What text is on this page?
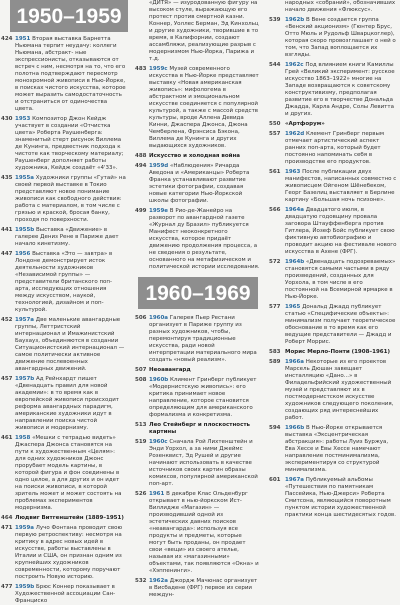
1950–1959
424 1951 Вторая выставка Барнетта Ньюмана терпит неудачу: коллеги Ньюмана, абстракт- ные экспрессионисты, отказываются от встреч с ним, несмотря на то, что его полотна подтверждают пересмотр монохромной живописи в Нью-Йорке, в поисках чистого искусства, которое может выразить самодостаточность и отстраниться от одиночества цвета.
430 1953 Композитор Джон Кейдж участвует в создании «Отчистка цвета» Роберта Раушенберга: знаменитый стерт рисунок Виллема де Кунинга, предвестник подхода к чистоте как творческому материалу; Раушенберг дополняет работы художника, Кейдж создаёт «4'33».
435 1955a Художники группы «Гутай» на своей первой выставке в Токио представляют новое понимание живописи как свободного действия: работа с материалом, в том числе с грязью и краской, бросая банку, проходя по поверхности.
441 1955b Выставка «Движение» в галерее Дениз Рене в Париже дает начало кинетизму.
447 1956 Выставка «Это — завтра» в Лондоне демонстрирует исток деятельности художников «Независимой группы» — представители британского поп-арта, исследующих отношения между искусством, наукой, технологией, дизайном и поп-культурой.
452 1957a Две маленькие авангардные группы, Леттристский интернационал и Имажинистский Баухауз, объединяются в создании Ситуационистский интернационал — самое политически активное движение послевоенных авангардных движений.
457 1957b Ад Рейнхардт пишет «Двенадцать правил для новой академии»: в то время как в европейской живописи происходит реформа авангардных парадигм, американские художники идут в направлении поиска чистой живописи и модернизму.
461 1958 «Мешки с тетрадью видеть» Джаспера Джонса становятся на пути к художественным «Целям»: для одних художников Джонс прорубает модель картины, в которой фигура и фон соединены в одно целое, а для других и он идет на поиски живописи, в которой зритель может и может состоять на проблемах экспериментов модернизма.
464 Людвиг Витгенштейн (1889–1951)
471 1959a Лучо Фонтана проводит свою первую ретроспективу: несмотря на критику в адрес новых идей в искусстве, работы выставлены в Италии и США, он признан одним из крупнейших художников современности, которому поручают построить Новую историю.
477 1959b Брюс Коннер показывает в Художественной ассоциации Сан-Франциско
«ДИТЯ» — изуродованную фигуру на высоком стуле, выражающую его протест против смертной казни. Коннер, Уоллес Берман, Эд Кинхольц и другие художники, творившие в то время, в Калифорнии, создают ассамбляжи, реализующие разрыв с модернизмом Нью-Йорка, Парижа и т.д.
483 1959c Музей современного искусства в Нью-Йорке представляет выставку «Новая американская живопись»: мифологема в абстрактном и эмоциональном искусстве соединяется с популярной культурой, а также с массой средств культуры, вроде Аллена Девида Кинни, Джаспера Джонса, Джона Чемберлена, Фрэнсиса Бэкона, Виллема де Кунинга и других выдающихся художников.
488 Искусство и холодная война
494 1959d «Наблюдения» Ричарда Аведона и «Американцы» Роберта Франка устанавливают развитие эстетики фотографии, создавая новые категории Нью-Йоркской школы фотографии.
499 1959e В Рио-де-Жанейро на разворот по авангардной газете «Журнал ду Бразил» публикуется Манифест неоконкретного искусства, которое придаёт движению продолжения процесса, а не сведения о результате, основанного на метафизическом и политической истории исследования.
1960–1969
506 1960a Галерея Пьер Рестани организует в Париже группу из разных художников, чтобы, перемонтируя традиционные искусства, ради новой интерпретации материального мира создать «новый реализм».
507 Неоавангард
508 1960b Климент Гринберг публикует «Модернистскую живопись»: его критика принимает новое направление, которое становится определяющим для американского формализма и конкретизма.
513 Лео Стейнберг и плоскостность картины
519 1960c Сначала Рой Лихтенштейн и Энди Уорхол, а за ними Джеймс Розенквист, Эд Рушей и другие начинают использовать в качестве источников своих картин образы комиксов, популярной американской поп-арт.
526 1961 В декабре Клас Ольденбург открывает в нью-йоркском Ист-Виллидже «Магазин» — производивший одной из эстетических давних поисков «неавангарда»: используя все продукты и предметы, которые могут быть проданы, он продает свои «вещи» из своего ателье, называя их «магазинными» объектами, так появляются «Окна» и «Хэппенинги».
532 1962a Джордж Мачюнас организует в Висбадене (ФРГ) первое из серии междун-
народных «собраний», обозначивших начало движения «Флюксус».
539 1962b В Вене создается группа «Венский акционизм» (Гюнтер Брус, Отто Мюль и Рудольф Шварцкоглер), которая скоро провозглашает о ней о том, что Запад воплощается их взгляды.
544 1962c Под влиянием книги Камиллы Грей «Великий эксперимент: русское искусство 1863–1922» многие на Западе возвращаются к советскому конструктивизму, предполагая развитие его в творчестве Дональда Джадда, Карла Андре, Солы Левитта и других.
550 «Артфорум»
557 1962d Клемент Гринберг первым отмечает артистический аспект ранних поп-арта, который будет постоянно напоминать себя в производстве его продуктов.
561 1963 После публикации двух манифестов, написанных совместно с живописцем Ойгеном Шёнебеком, Георг Базелиц выставляет в Берлине картину «Большая ночь псизоне».
566 1964a Двадцатого июля, в двадцатую годовщину провала заговора Штауффенберга против Гитлера, Йозеф Бойс публикует свою фиктивную автобиографию и проводит акцию на фестивале нового искусства в Ахене (ФРГ).
572 1964b «Двенадцать подозреваемых» становятся самыми частыми в ряду произведений, созданных для Уорхола, в том числе в его постоянной на Всемирной ярмарке в Нью-Йорке.
577 1965 Дональд Джадд публикует статью «Специфические объекты»: минимализм получает теоретическое обоснование в то время как его ведущие представители — Джадд и Роберт Моррис.
583 Морис Мерло-Понти (1908–1961)
589 1966a Некоторые из его проектов Марсель Дюшан завещает инсталляцию «Дано...» в Филадельфийский художественный музей и представляют их в постмодернистском искусстве художников следующего поколения, создающих ряд интереснейших работ.
594 1966b В Нью-Йорке открывается выставка «Эксцентрическая абстракция»: работы Луиз Буржуа, Ева Хессе и Евы Хессе намечают направление постминимализма, экспериментируя со структурой минимализма.
601 1967a Публикуемый альбомы «Путешествия по памятникам Пассейика, Нью-Джерси» Роберта Смитсона, являющийся поворотным пунктом истории художественной практики конца шестидесятых годов.
